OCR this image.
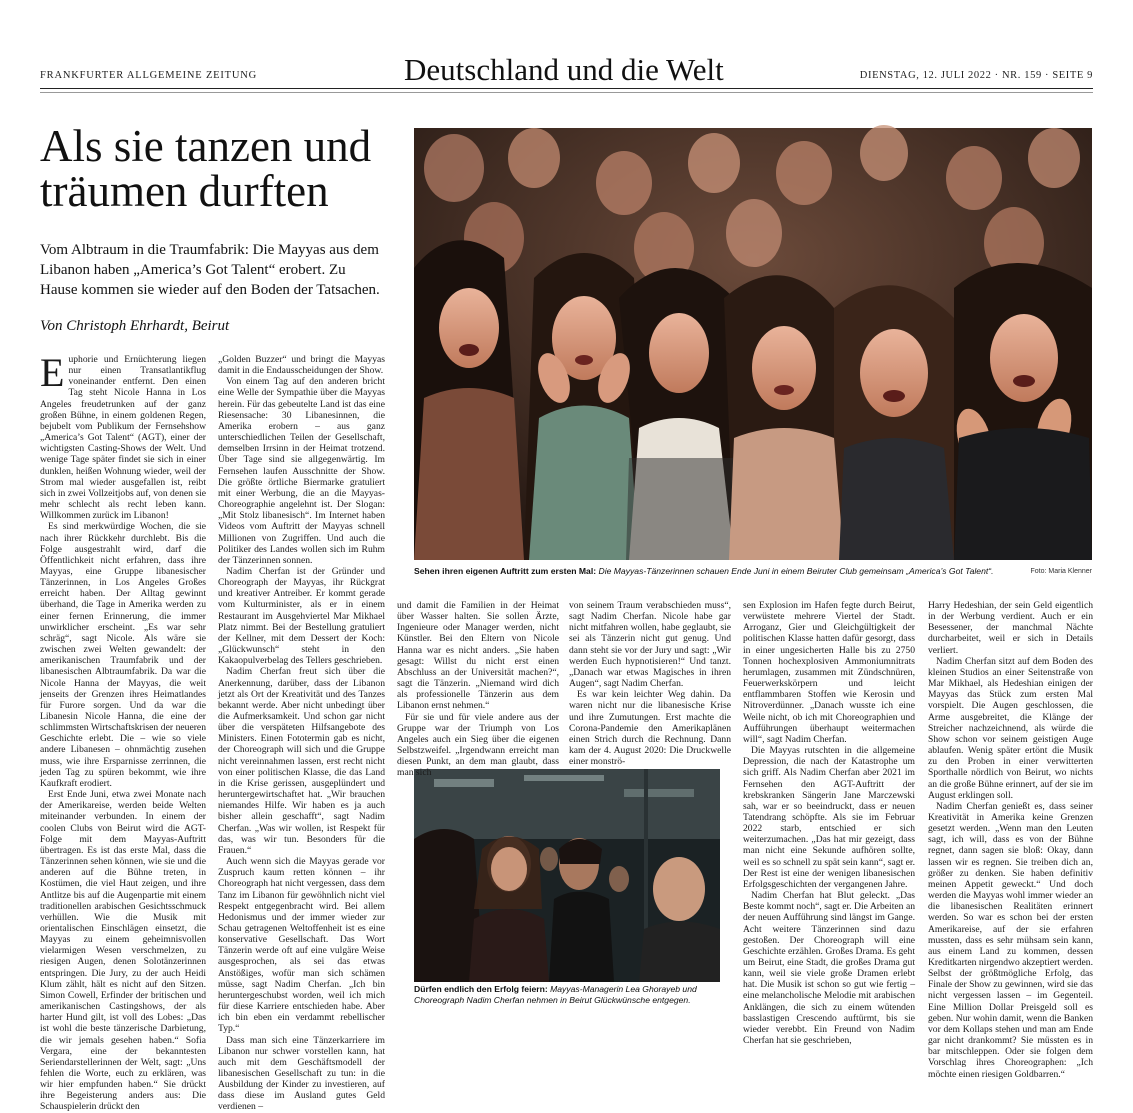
FRANKFURTER ALLGEMEINE ZEITUNG	Deutschland und die Welt	DIENSTAG, 12. JULI 2022 · NR. 159 · SEITE 9
Als sie tanzen und
träumen durften
Vom Albtraum in die Traumfabrik: Die Mayyas aus dem Libanon haben „America’s Got Talent“ erobert. Zu Hause kommen sie wieder auf den Boden der Tatsachen.
Von Christoph Ehrhardt, Beirut
Sehen ihren eigenen Auftritt zum ersten Mal: Die Mayyas-Tänzerinnen schauen Ende Juni in einem Beiruter Club gemeinsam „America’s Got Talent“.	Foto: Maria Klenner
Dürfen endlich den Erfolg feiern: Mayyas-Managerin Lea Ghorayeb und Choreograph Nadim Cherfan nehmen in Beirut Glückwünsche entgegen.

Euphorie und Ernüchterung liegen nur einen Transatlantikflug voneinander entfernt. Den einen Tag steht Nicole Hanna in Los Angeles freudetrunken auf der ganz großen Bühne, in einem goldenen Regen, bejubelt vom Publikum der Fernsehshow „America’s Got Talent“ (AGT), einer der wichtigsten Casting-Shows der Welt. Und wenige Tage später findet sie sich in einer dunklen, heißen Wohnung wieder, weil der Strom mal wieder ausgefallen ist, reibt sich in zwei Vollzeitjobs auf, von denen sie mehr schlecht als recht leben kann. Willkommen zurück im Libanon!

Es sind merkwürdige Wochen, die sie nach ihrer Rückkehr durchlebt. Bis die Folge ausgestrahlt wird, darf die Öffentlichkeit nicht erfahren, dass ihre Mayyas, eine Gruppe libanesischer Tänzerinnen, in Los Angeles Großes erreicht haben. Der Alltag gewinnt überhand, die Tage in Amerika werden zu einer fernen Erinnerung, die immer unwirklicher erscheint. „Es war sehr schräg“, sagt Nicole. Als wäre sie zwischen zwei Welten gewandelt: der amerikanischen Traumfabrik und der libanesischen Albtraumfabrik. Da war die Nicole Hanna der Mayyas, die weit jenseits der Grenzen ihres Heimatlandes für Furore sorgen. Und da war die Libanesin Nicole Hanna, die eine der schlimmsten Wirtschaftskrisen der neueren Geschichte erlebt. Die – wie so viele andere Libanesen – ohnmächtig zusehen muss, wie ihre Ersparnisse zerrinnen, die jeden Tag zu spüren bekommt, wie ihre Kaufkraft erodiert.

Erst Ende Juni, etwa zwei Monate nach der Amerikareise, werden beide Welten miteinander verbunden. In einem der coolen Clubs von Beirut wird die AGT-Folge mit dem Mayyas-Auftritt übertragen. Es ist das erste Mal, dass die Tänzerinnen sehen können, wie sie und die anderen auf die Bühne treten, in Kostümen, die viel Haut zeigen, und ihre Antlitze bis auf die Augenpartie mit einem traditionellen arabischen Gesichtsschmuck verhüllen. Wie die Musik mit orientalischen Einschlägen einsetzt, die Mayyas zu einem geheimnisvollen vielarmigen Wesen verschmelzen, zu riesigen Augen, denen Solotänzerinnen entspringen. Die Jury, zu der auch Heidi Klum zählt, hält es nicht auf den Sitzen. Simon Cowell, Erfinder der britischen und amerikanischen Castingshows, der als harter Hund gilt, ist voll des Lobes: „Das ist wohl die beste tänzerische Darbietung, die wir jemals gesehen haben.“ Sofia Vergara, eine der bekanntesten Seriendarstellerinnen der Welt, sagt: „Uns fehlen die Worte, euch zu erklären, was wir hier empfunden haben.“ Sie drückt ihre Begeisterung anders aus: Die Schauspielerin drückt den

„Golden Buzzer“ und bringt die Mayyas damit in die Endausscheidungen der Show.

Von einem Tag auf den anderen bricht eine Welle der Sympathie über die Mayyas herein. Für das gebeutelte Land ist das eine Riesensache: 30 Libanesinnen, die Amerika erobern – aus ganz unterschiedlichen Teilen der Gesellschaft, demselben Irrsinn in der Heimat trotzend. Über Tage sind sie allgegenwärtig. Im Fernsehen laufen Ausschnitte der Show. Die größte örtliche Biermarke gratuliert mit einer Werbung, die an die Mayyas-Choreographie angelehnt ist. Der Slogan: „Mit Stolz libanesisch“. Im Internet haben Videos vom Auftritt der Mayyas schnell Millionen von Zugriffen. Und auch die Politiker des Landes wollen sich im Ruhm der Tänzerinnen sonnen.

Nadim Cherfan ist der Gründer und Choreograph der Mayyas, ihr Rückgrat und kreativer Antreiber. Er kommt gerade vom Kulturminister, als er in einem Restaurant im Ausgehviertel Mar Mikhael Platz nimmt. Bei der Bestellung gratuliert der Kellner, mit dem Dessert der Koch: „Glückwunsch“ steht in den Kakaopulverbelag des Tellers geschrieben.

Nadim Cherfan freut sich über die Anerkennung, darüber, dass der Libanon jetzt als Ort der Kreativität und des Tanzes bekannt werde. Aber nicht unbedingt über die Aufmerksamkeit. Und schon gar nicht über die verspäteten Hilfsangebote des Ministers. Einen Fototermin gab es nicht, der Choreograph will sich und die Gruppe nicht vereinnahmen lassen, erst recht nicht von einer politischen Klasse, die das Land in die Krise gerissen, ausgeplündert und heruntergewirtschaftet hat. „Wir brauchen niemandes Hilfe. Wir haben es ja auch bisher allein geschafft“, sagt Nadim Cherfan. „Was wir wollen, ist Respekt für das, was wir tun. Besonders für die Frauen.“

Auch wenn sich die Mayyas gerade vor Zuspruch kaum retten können – ihr Choreograph hat nicht vergessen, dass dem Tanz im Libanon für gewöhnlich nicht viel Respekt entgegenbracht wird. Bei allem Hedonismus und der immer wieder zur Schau getragenen Weltoffenheit ist es eine konservative Gesellschaft. Das Wort Tänzerin werde oft auf eine vulgäre Weise ausgesprochen, als sei das etwas Anstößiges, wofür man sich schämen müsse, sagt Nadim Cherfan. „Ich bin heruntergeschubst worden, weil ich mich für diese Karriere entschieden habe. Aber ich bin eben ein verdammt rebellischer Typ.“

Dass man sich eine Tänzerkarriere im Libanon nur schwer vorstellen kann, hat auch mit dem Geschäftsmodell der libanesischen Gesellschaft zu tun: in die Ausbildung der Kinder zu investieren, auf dass diese im Ausland gutes Geld verdienen –

und damit die Familien in der Heimat über Wasser halten. Sie sollen Ärzte, Ingenieure oder Manager werden, nicht Künstler. Bei den Eltern von Nicole Hanna war es nicht anders. „Sie haben gesagt: Willst du nicht erst einen Abschluss an der Universität machen?“, sagt die Tänzerin. „Niemand wird dich als professionelle Tänzerin aus dem Libanon ernst nehmen.“

Für sie und für viele andere aus der Gruppe war der Triumph von Los Angeles auch ein Sieg über die eigenen Selbstzweifel. „Irgendwann erreicht man diesen Punkt, an dem man glaubt, dass man sich

von seinem Traum verabschieden muss“, sagt Nadim Cherfan. Nicole habe gar nicht mitfahren wollen, habe geglaubt, sie sei als Tänzerin nicht gut genug. Und dann steht sie vor der Jury und sagt: „Wir werden Euch hypnotisieren!“ Und tanzt. „Danach war etwas Magisches in ihren Augen“, sagt Nadim Cherfan.

Es war kein leichter Weg dahin. Da waren nicht nur die libanesische Krise und ihre Zumutungen. Erst machte die Corona-Pandemie den Amerikaplänen einen Strich durch die Rechnung. Dann kam der 4. August 2020: Die Druckwelle einer monströ-

sen Explosion im Hafen fegte durch Beirut, verwüstete mehrere Viertel der Stadt. Arroganz, Gier und Gleichgültigkeit der politischen Klasse hatten dafür gesorgt, dass in einer ungesicherten Halle bis zu 2750 Tonnen hochexplosiven Ammoniumnitrats herumlagen, zusammen mit Zündschnüren, Feuerwerkskörpern und leicht entflammbaren Stoffen wie Kerosin und Nitroverdünner. „Danach wusste ich eine Weile nicht, ob ich mit Choreographien und Aufführungen überhaupt weitermachen will“, sagt Nadim Cherfan.

Die Mayyas rutschten in die allgemeine Depression, die nach der Katastrophe um sich griff. Als Nadim Cherfan aber 2021 im Fernsehen den AGT-Auftritt der krebskranken Sängerin Jane Marczewski sah, war er so beeindruckt, dass er neuen Tatendrang schöpfte. Als sie im Februar 2022 starb, entschied er sich weiterzumachen. „Das hat mir gezeigt, dass man nicht eine Sekunde aufhören sollte, weil es so schnell zu spät sein kann“, sagt er. Der Rest ist eine der wenigen libanesischen Erfolgsgeschichten der vergangenen Jahre.

Nadim Cherfan hat Blut geleckt. „Das Beste kommt noch“, sagt er. Die Arbeiten an der neuen Aufführung sind längst im Gange. Acht weitere Tänzerinnen sind dazu gestoßen. Der Choreograph will eine Geschichte erzählen. Großes Drama. Es geht um Beirut, eine Stadt, die großes Drama gut kann, weil sie viele große Dramen erlebt hat. Die Musik ist schon so gut wie fertig – eine melancholische Melodie mit arabischen Anklängen, die sich zu einem wütenden basslastigen Crescendo auftürmt, bis sie wieder verebbt. Ein Freund von Nadim Cherfan hat sie geschrieben,

Harry Hedeshian, der sein Geld eigentlich in der Werbung verdient. Auch er ein Besessener, der manchmal Nächte durcharbeitet, weil er sich in Details verliert.

Nadim Cherfan sitzt auf dem Boden des kleinen Studios an einer Seitenstraße von Mar Mikhael, als Hedeshian einigen der Mayyas das Stück zum ersten Mal vorspielt. Die Augen geschlossen, die Arme ausgebreitet, die Klänge der Streicher nachzeichnend, als würde die Show schon vor seinem geistigen Auge ablaufen. Wenig später ertönt die Musik zu den Proben in einer verwitterten Sporthalle nördlich von Beirut, wo nichts an die große Bühne erinnert, auf der sie im August erklingen soll.

Nadim Cherfan genießt es, dass seiner Kreativität in Amerika keine Grenzen gesetzt werden. „Wenn man den Leuten sagt, ich will, dass es von der Bühne regnet, dann sagen sie bloß: Okay, dann lassen wir es regnen. Sie treiben dich an, größer zu denken. Sie haben definitiv meinen Appetit geweckt.“ Und doch werden die Mayyas wohl immer wieder an die libanesischen Realitäten erinnert werden. So war es schon bei der ersten Amerikareise, auf der sie erfahren mussten, dass es sehr mühsam sein kann, aus einem Land zu kommen, dessen Kreditkarten nirgendwo akzeptiert werden. Selbst der größtmögliche Erfolg, das Finale der Show zu gewinnen, wird sie das nicht vergessen lassen – im Gegenteil. Eine Million Dollar Preisgeld soll es geben. Nur wohin damit, wenn die Banken vor dem Kollaps stehen und man am Ende gar nicht drankommt? Sie müssten es in bar mitschleppen. Oder sie folgen dem Vorschlag ihres Choreographen: „Ich möchte einen riesigen Goldbarren.“
